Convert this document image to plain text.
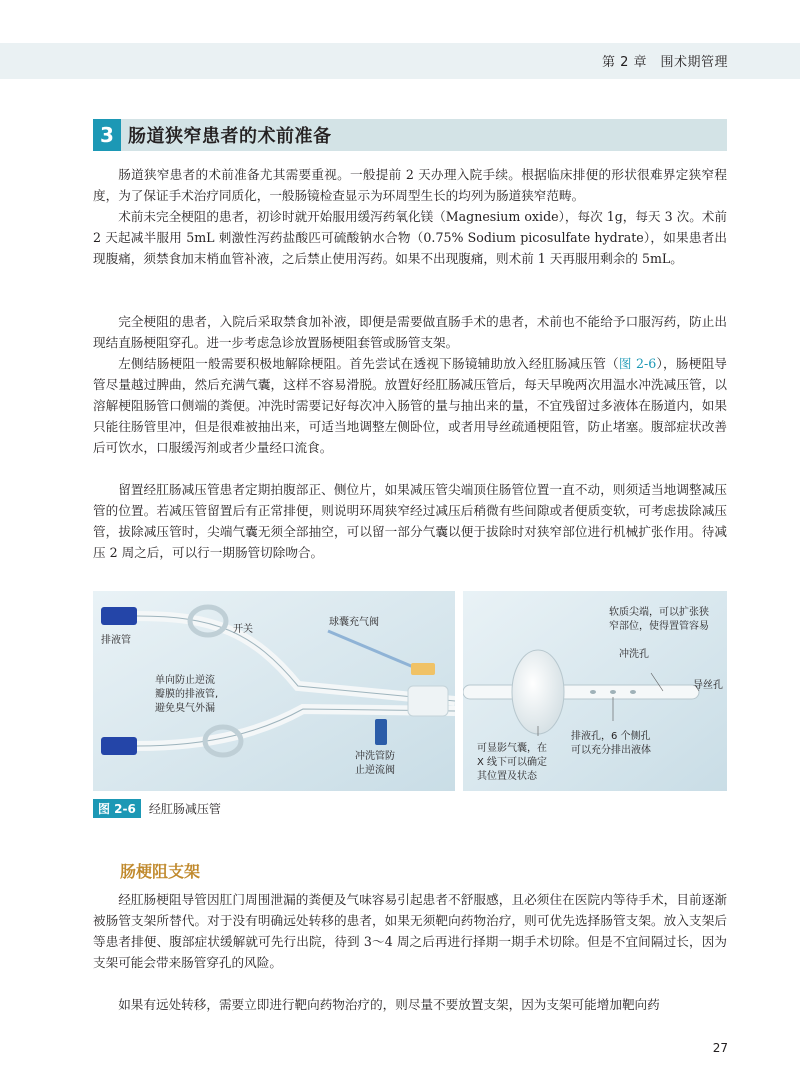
第 2 章　围术期管理
3 肠道狭窄患者的术前准备

肠道狭窄患者的术前准备尤其需要重视。一般提前 2 天办理入院手续。根据临床排便的形状很难界定狭窄程度，为了保证手术治疗同质化，一般肠镜检查显示为环周型生长的均列为肠道狭窄范畴。

术前未完全梗阻的患者，初诊时就开始服用缓泻药氧化镁（Magnesium oxide），每次 1g，每天 3 次。术前 2 天起减半服用 5mL 刺激性泻药盐酸匹可硫酸钠水合物（0.75% Sodium picosulfate hydrate），如果患者出现腹痛，须禁食加末梢血管补液，之后禁止使用泻药。如果不出现腹痛，则术前 1 天再服用剩余的 5mL。

完全梗阻的患者，入院后采取禁食加补液，即便是需要做直肠手术的患者，术前也不能给予口服泻药，防止出现结直肠梗阻穿孔。进一步考虑急诊放置肠梗阻套管或肠管支架。

左侧结肠梗阻一般需要积极地解除梗阻。首先尝试在透视下肠镜辅助放入经肛肠减压管（图 2-6），肠梗阻导管尽量越过脾曲，然后充满气囊，这样不容易滑脱。放置好经肛肠减压管后，每天早晚两次用温水冲洗减压管，以溶解梗阻肠管口侧端的粪便。冲洗时需要记好每次冲入肠管的量与抽出来的量，不宜残留过多液体在肠道内，如果只能往肠管里冲，但是很难被抽出来，可适当地调整左侧卧位，或者用导丝疏通梗阻管，防止堵塞。腹部症状改善后可饮水，口服缓泻剂或者少量经口流食。

留置经肛肠减压管患者定期拍腹部正、侧位片，如果减压管尖端顶住肠管位置一直不动，则须适当地调整减压管的位置。若减压管留置后有正常排便，则说明环周狭窄经过减压后稍微有些间隙或者便质变软，可考虑拔除减压管，拔除减压管时，尖端气囊无须全部抽空，可以留一部分气囊以便于拔除时对狭窄部位进行机械扩张作用。待减压 2 周之后，可以行一期肠管切除吻合。

排液管
开关
球囊充气阀
单向防止逆流
瓣膜的排液管,
避免臭气外漏
冲洗管防
止逆流阀
软质尖端，可以扩张狭
窄部位，使得置管容易
冲洗孔
导丝孔
排液孔，6 个侧孔
可以充分排出液体
可显影气囊，在
X 线下可以确定
其位置及状态
图 2-6	经肛肠减压管
肠梗阻支架

经肛肠梗阻导管因肛门周围泄漏的粪便及气味容易引起患者不舒服感，且必须住在医院内等待手术，目前逐渐被肠管支架所替代。对于没有明确远处转移的患者，如果无须靶向药物治疗，则可优先选择肠管支架。放入支架后等患者排便、腹部症状缓解就可先行出院，待到 3～4 周之后再进行择期一期手术切除。但是不宜间隔过长，因为支架可能会带来肠管穿孔的风险。

如果有远处转移，需要立即进行靶向药物治疗的，则尽量不要放置支架，因为支架可能增加靶向药

27
